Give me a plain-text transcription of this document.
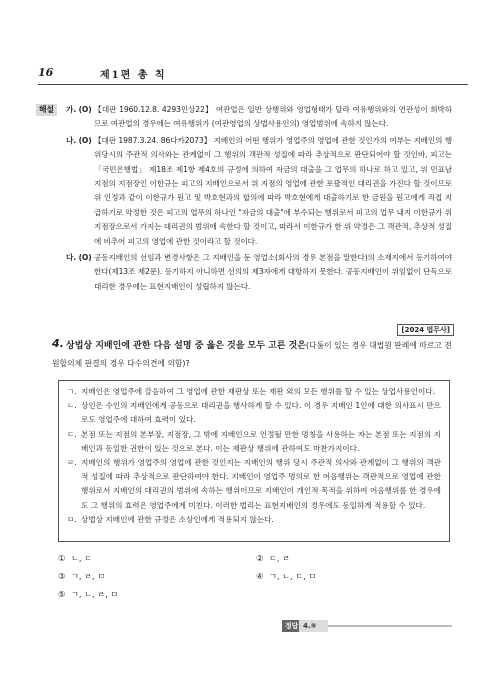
16	제1편 총 칙
해설	가. (O) 【대판 1960.12.8. 4293민상22】 여관업은 일반 상행위와 영업형태가 달라 여유행위와의 연관성이 희박하므로 여관업의 경우에는 여유행위가 (여관영업의 상법사용인의) 영업범위에 속하지 않는다.

나. (O) 【대판 1987.3.24. 86다카2073】 지배인의 어떤 행위가 영업주의 영업에 관한 것인가의 여부는 지배인의 행위당시의 주관적 의사와는 관계없이 그 행위의 객관적 성질에 따라 추상적으로 판단되어야 할 것인바, 피고는 「국민은행법」 제18조 제1항 제4호의 규정에 의하여 자금의 대출을 그 업무의 하나로 하고 있고, 위 민표남지점의 지점장인 이한규는 피고의 지배인으로서 위 지점의 영업에 관한 포괄적인 대리권을 가진다 할 것이므로 위 인정과 같이 이한규가 원고 및 박호현과의 합의에 따라 박호현에게 대출하기로 한 금원을 원고에게 직접 지급하기로 약정한 것은 피고의 업무의 하나인 "자금의 대출"에 부수되는 행위로서 피고의 업무 내지 이한규가 위 지점장으로서 가지는 대리권의 범위에 속한다 할 것이고, 따라서 이한규가 한 위 약정은 그 객관적, 추상적 성질에 비추어 피고의 영업에 관한 것이라고 할 것이다.

다. (O) 공동지배인의 선임과 변경사항은 그 지배인을 둔 영업소(회사의 경우 본점을 말한다)의 소재지에서 등기하여야 한다(제13조 제2문). 등기하지 아니하면 선의의 제3자에게 대항하지 못한다. 공동지배인이 위임없이 단독으로 대리한 경우에는 표현지배인이 성립하지 않는다.

[2024 법무사]
4. 상법상 지배인에 관한 다음 설명 중 옳은 것을 모두 고른 것은(다툼이 있는 경우 대법원 판례에 따르고 전원합의체 판결의 경우 다수의견에 의함)?

ㄱ. 지배인은 영업주에 갈음하여 그 영업에 관한 재판상 또는 재판 외의 모든 행위를 할 수 있는 상업사용인이다.

ㄴ. 상인은 수인의 지배인에게 공동으로 대리권을 행사하게 할 수 있다. 이 경우 지배인 1인에 대한 의사표시 만으로도 영업주에 대하여 효력이 있다.

ㄷ. 본점 또는 지점의 본부장, 지점장, 그 밖에 지배인으로 인정될 만한 명칭을 사용하는 자는 본점 또는 지점의 지배인과 동일한 권한이 있는 것으로 본다. 이는 재판상 행위에 관하여도 마찬가지이다.

ㄹ. 지배인의 행위가 영업주의 영업에 관한 것인지는 지배인의 행위 당시 주관적 의사와 관계없이 그 행위의 객관적 성질에 따라 추상적으로 판단하여야 한다. 지배인이 영업주 명의로 한 어음행위는 객관적으로 영업에 관한 행위로서 지배인의 대리권의 범위에 속하는 행위이므로 지배인이 개인적 목적을 위하여 어음행위를 한 경우에도 그 행위의 효력은 영업주에게 미친다. 이러한 법리는 표현지배인의 경우에도 동일하게 적용할 수 있다.

ㅁ. 상법상 지배인에 관한 규정은 소상인에게 적용되지 않는다.

① ㄴ, ㄷ	② ㄷ, ㄹ
③ ㄱ, ㄹ, ㅁ	④ ㄱ, ㄴ, ㄷ, ㅁ
⑤ ㄱ, ㄴ, ㄹ, ㅁ
정답 4.⑤
